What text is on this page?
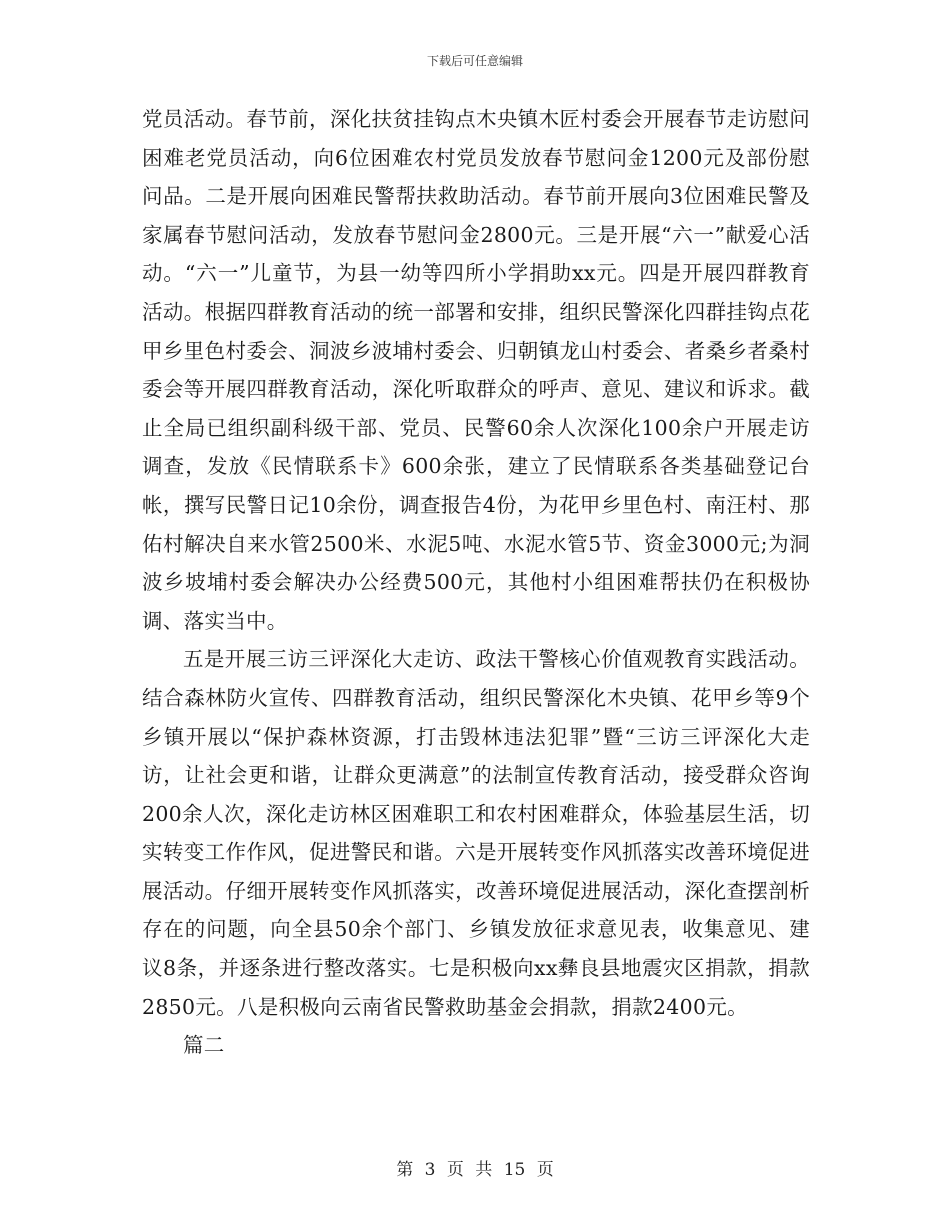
下载后可任意编辑

党员活动。春节前，深化扶贫挂钩点木央镇木匠村委会开展春节走访慰问困难老党员活动，向6位困难农村党员发放春节慰问金1200元及部份慰问品。二是开展向困难民警帮扶救助活动。春节前开展向3位困难民警及家属春节慰问活动，发放春节慰问金2800元。三是开展“六一”献爱心活动。“六一”儿童节，为县一幼等四所小学捐助xx元。四是开展四群教育活动。根据四群教育活动的统一部署和安排，组织民警深化四群挂钩点花甲乡里色村委会、洞波乡波埔村委会、归朝镇龙山村委会、者桑乡者桑村委会等开展四群教育活动，深化听取群众的呼声、意见、建议和诉求。截止全局已组织副科级干部、党员、民警60余人次深化100余户开展走访调查，发放《民情联系卡》600余张，建立了民情联系各类基础登记台帐，撰写民警日记10余份，调查报告4份，为花甲乡里色村、南汪村、那佑村解决自来水管2500米、水泥5吨、水泥水管5节、资金3000元;为洞波乡坡埔村委会解决办公经费500元，其他村小组困难帮扶仍在积极协调、落实当中。

五是开展三访三评深化大走访、政法干警核心价值观教育实践活动。结合森林防火宣传、四群教育活动，组织民警深化木央镇、花甲乡等9个乡镇开展以“保护森林资源，打击毁林违法犯罪”暨“三访三评深化大走访，让社会更和谐，让群众更满意”的法制宣传教育活动，接受群众咨询200余人次，深化走访林区困难职工和农村困难群众，体验基层生活，切实转变工作作风，促进警民和谐。六是开展转变作风抓落实改善环境促进展活动。仔细开展转变作风抓落实，改善环境促进展活动，深化查摆剖析存在的问题，向全县50余个部门、乡镇发放征求意见表，收集意见、建议8条，并逐条进行整改落实。七是积极向xx彝良县地震灾区捐款，捐款2850元。八是积极向云南省民警救助基金会捐款，捐款2400元。

篇二

第 3 页 共 15 页
